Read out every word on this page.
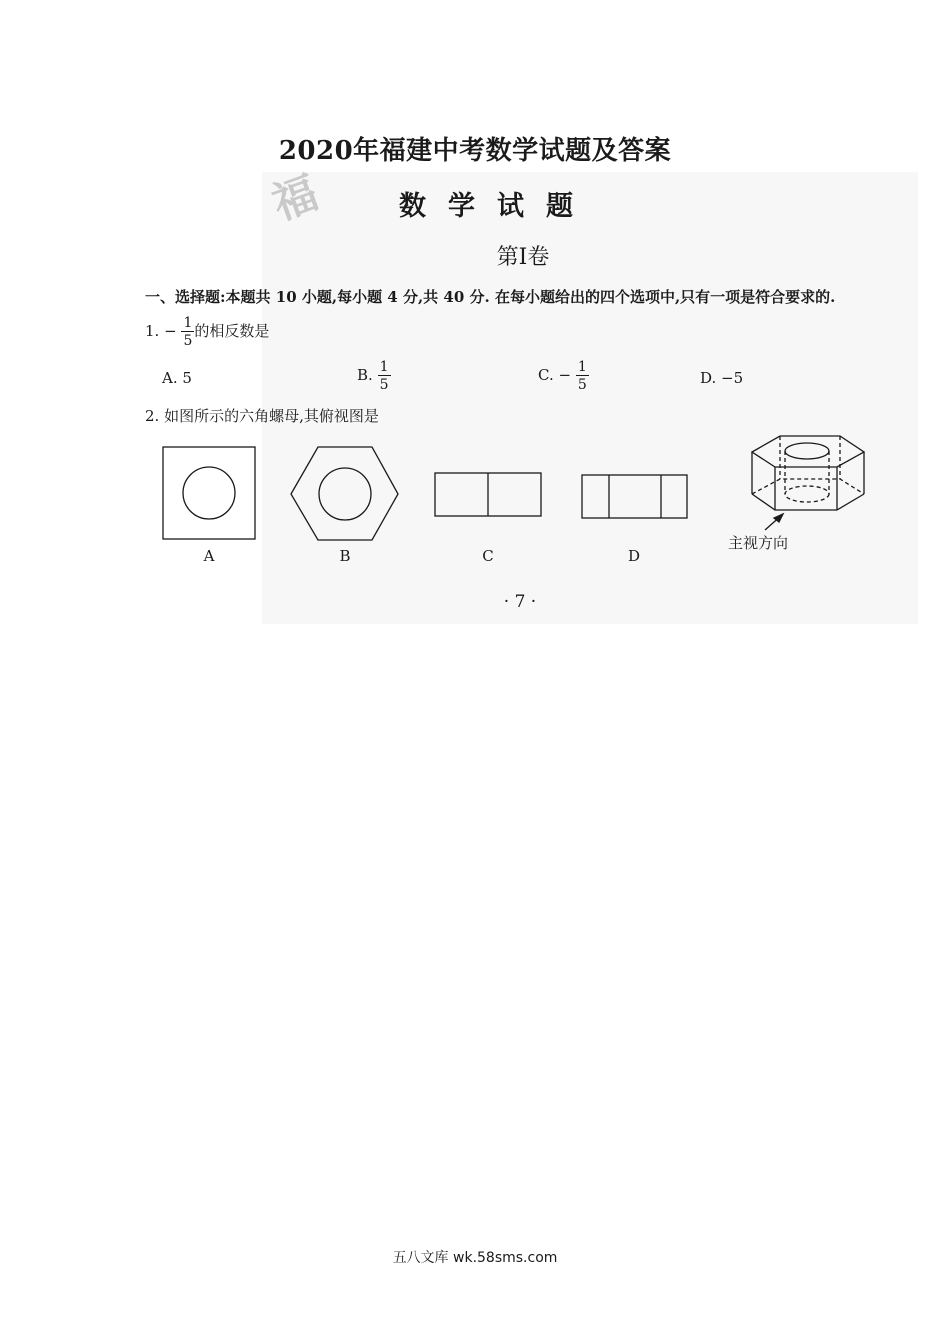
2020年福建中考数学试题及答案
福	数学试题
第Ⅰ卷
一、选择题:本题共 10 小题,每小题 4 分,共 40 分. 在每小题给出的四个选项中,只有一项是符合要求的.
1. − $\frac{1}{5}$ 的相反数是
A. 5	B. $\frac{1}{5}$	C. − $\frac{1}{5}$	D. −5
2. 如图所示的六角螺母,其俯视图是
A	B	C	D
主视方向
· 7 ·
五八文库 wk.58sms.com
